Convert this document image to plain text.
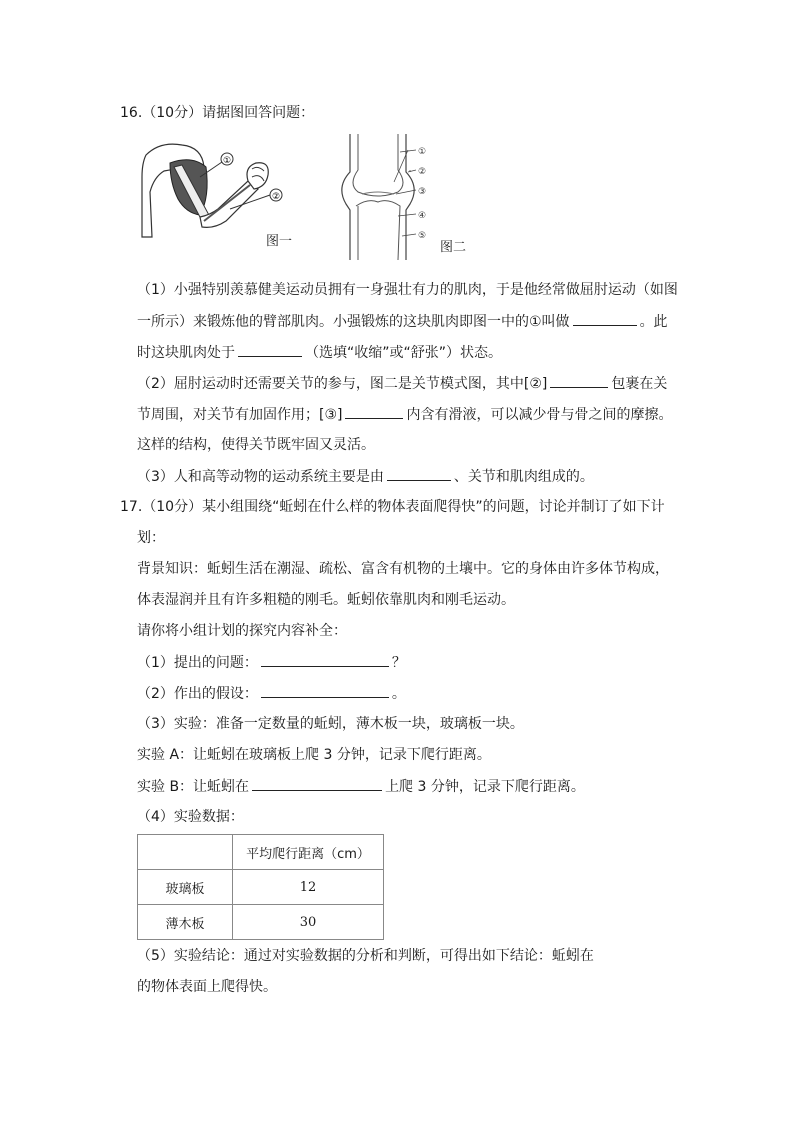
16.（10分）请据图回答问题：
①
②
图一
①
②
③
④
⑤
图二
（1）小强特别羡慕健美运动员拥有一身强壮有力的肌肉，于是他经常做屈肘运动（如图
一所示）来锻炼他的臂部肌肉。小强锻炼的这块肌肉即图一中的①叫做	。此
时这块肌肉处于	（选填“收缩”或“舒张”）状态。
（2）屈肘运动时还需要关节的参与，图二是关节模式图，其中[②]	包裹在关
节周围，对关节有加固作用；[③]	内含有滑液，可以减少骨与骨之间的摩擦。
这样的结构，使得关节既牢固又灵活。
（3）人和高等动物的运动系统主要是由	、关节和肌肉组成的。
17.（10分）某小组围绕“蚯蚓在什么样的物体表面爬得快”的问题，讨论并制订了如下计
划：
背景知识：蚯蚓生活在潮湿、疏松、富含有机物的土壤中。它的身体由许多体节构成，
体表湿润并且有许多粗糙的刚毛。蚯蚓依靠肌肉和刚毛运动。
请你将小组计划的探究内容补全：
（1）提出的问题：	？
（2）作出的假设：	。
（3）实验：准备一定数量的蚯蚓，薄木板一块，玻璃板一块。
实验 A：让蚯蚓在玻璃板上爬 3 分钟，记录下爬行距离。
实验 B：让蚯蚓在	上爬 3 分钟，记录下爬行距离。
（4）实验数据：
	平均爬行距离（cm）
玻璃板	12
薄木板	30
（5）实验结论：通过对实验数据的分析和判断，可得出如下结论：蚯蚓在
的物体表面上爬得快。
